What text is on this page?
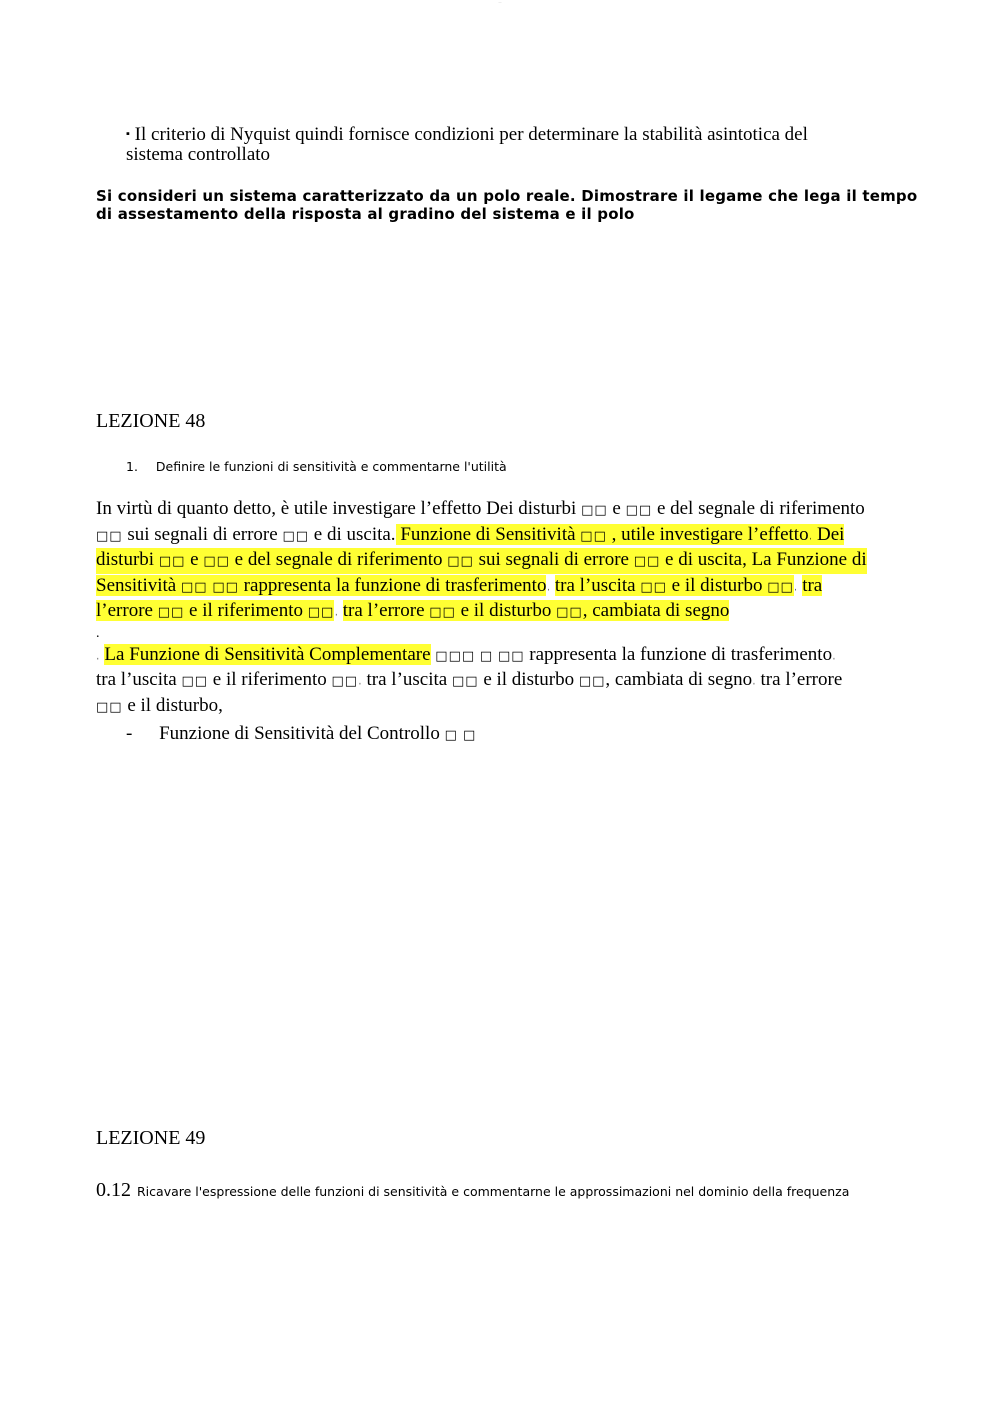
—
▪ Il criterio di Nyquist quindi fornisce condizioni per determinare la stabilità asintotica del
sistema controllato
Si consideri un sistema caratterizzato da un polo reale. Dimostrare il legame che lega il tempo
di assestamento della risposta al gradino del sistema e il polo
LEZIONE 48
1. Definire le funzioni di sensitività e commentarne l'utilità
In virtù di quanto detto, è utile investigare l’effetto Dei disturbi □□ e □□ e del segnale di riferimento
□□ sui segnali di errore □□ e di uscita. Funzione di Sensitività □□ , utile investigare l’effettoˌ Dei
disturbi □□ e □□ e del segnale di riferimento □□ sui segnali di errore □□ e di uscita, La Funzione di
Sensitività □□ □□ rappresenta la funzione di trasferimentoˌ tra l’uscita □□ e il disturbo □□ˌ tra
l’errore □□ e il riferimento □□ˌ tra l’errore □□ e il disturbo □□, cambiata di segno
.
ˌ La Funzione di Sensitività Complementare □□□ □ □□ rappresenta la funzione di trasferimentoˌ
tra l’uscita □□ e il riferimento □□ˌ tra l’uscita □□ e il disturbo □□, cambiata di segnoˌ tra l’errore
□□ e il disturbo,
- Funzione di Sensitività del Controllo □ □
LEZIONE 49
0.12 Ricavare l'espressione delle funzioni di sensitività e commentarne le approssimazioni nel dominio della frequenza
